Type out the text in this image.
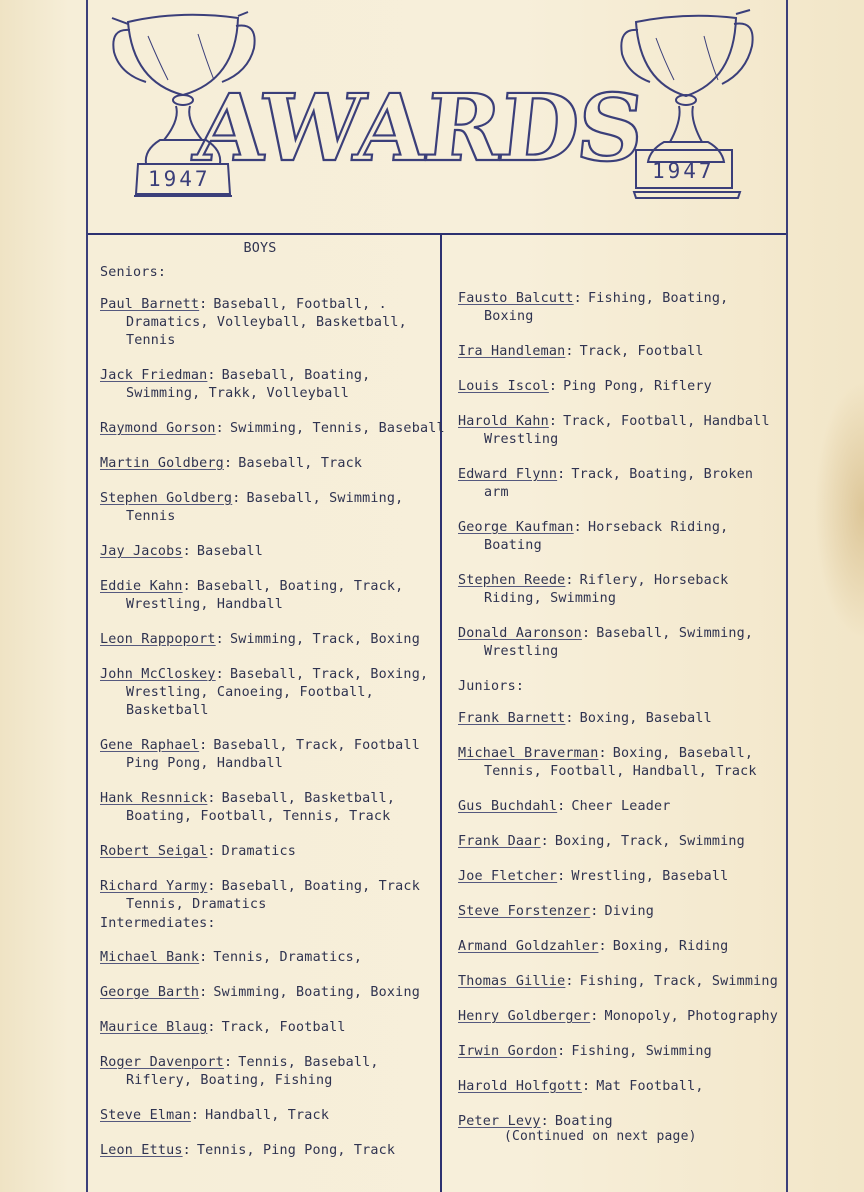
1947	1947
AWARDS
BOYS
Seniors:
Paul Barnett: Baseball, Football, . Dramatics, Volleyball, Basketball, Tennis
Jack Friedman: Baseball, Boating, Swimming, Trakk, Volleyball
Raymond Gorson: Swimming, Tennis, Baseball
Martin Goldberg: Baseball, Track
Stephen Goldberg: Baseball, Swimming, Tennis
Jay Jacobs: Baseball
Eddie Kahn: Baseball, Boating, Track, Wrestling, Handball
Leon Rappoport: Swimming, Track, Boxing
John McCloskey: Baseball, Track, Boxing, Wrestling, Canoeing, Football, Basketball
Gene Raphael: Baseball, Track, Football Ping Pong, Handball
Hank Resnnick: Baseball, Basketball, Boating, Football, Tennis, Track
Robert Seigal: Dramatics
Richard Yarmy: Baseball, Boating, Track Tennis, Dramatics
Intermediates:
Michael Bank: Tennis, Dramatics,
George Barth: Swimming, Boating, Boxing
Maurice Blaug: Track, Football
Roger Davenport: Tennis, Baseball, Riflery, Boating, Fishing
Steve Elman: Handball, Track
Leon Ettus: Tennis, Ping Pong, Track
Fausto Balcutt: Fishing, Boating, Boxing
Ira Handleman: Track, Football
Louis Iscol: Ping Pong, Riflery
Harold Kahn: Track, Football, Handball Wrestling
Edward Flynn: Track, Boating, Broken arm
George Kaufman: Horseback Riding, Boating
Stephen Reede: Riflery, Horseback Riding, Swimming
Donald Aaronson: Baseball, Swimming, Wrestling
Juniors:
Frank Barnett: Boxing, Baseball
Michael Braverman: Boxing, Baseball, Tennis, Football, Handball, Track
Gus Buchdahl: Cheer Leader
Frank Daar: Boxing, Track, Swimming
Joe Fletcher: Wrestling, Baseball
Steve Forstenzer: Diving
Armand Goldzahler: Boxing, Riding
Thomas Gillie: Fishing, Track, Swimming
Henry Goldberger: Monopoly, Photography
Irwin Gordon: Fishing, Swimming
Harold Holfgott: Mat Football,
Peter Levy: Boating
(Continued on next page)
